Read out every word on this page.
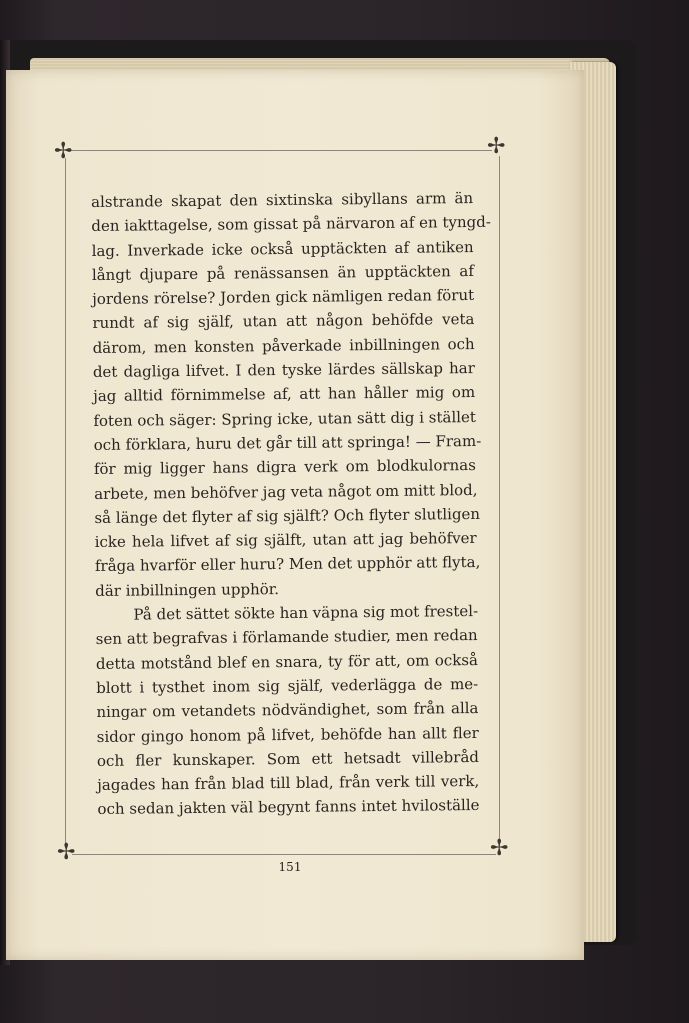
✢	✢
✢	✢
alstrande skapat den sixtinska sibyllans arm än
den iakttagelse, som gissat på närvaron af en tyngd-
lag. Inverkade icke också upptäckten af antiken
långt djupare på renässansen än upptäckten af
jordens rörelse? Jorden gick nämligen redan förut
rundt af sig själf, utan att någon behöfde veta
därom, men konsten påverkade inbillningen och
det dagliga lifvet. I den tyske lärdes sällskap har
jag alltid förnimmelse af, att han håller mig om
foten och säger: Spring icke, utan sätt dig i stället
och förklara, huru det går till att springa! — Fram-
för mig ligger hans digra verk om blodkulornas
arbete, men behöfver jag veta något om mitt blod,
så länge det flyter af sig själft? Och flyter slutligen
icke hela lifvet af sig själft, utan att jag behöfver
fråga hvarför eller huru? Men det upphör att flyta,
där inbillningen upphör.
På det sättet sökte han väpna sig mot frestel-
sen att begrafvas i förlamande studier, men redan
detta motstånd blef en snara, ty för att, om också
blott i tysthet inom sig själf, vederlägga de me-
ningar om vetandets nödvändighet, som från alla
sidor gingo honom på lifvet, behöfde han allt fler
och fler kunskaper. Som ett hetsadt villebråd
jagades han från blad till blad, från verk till verk,
och sedan jakten väl begynt fanns intet hviloställe
151
